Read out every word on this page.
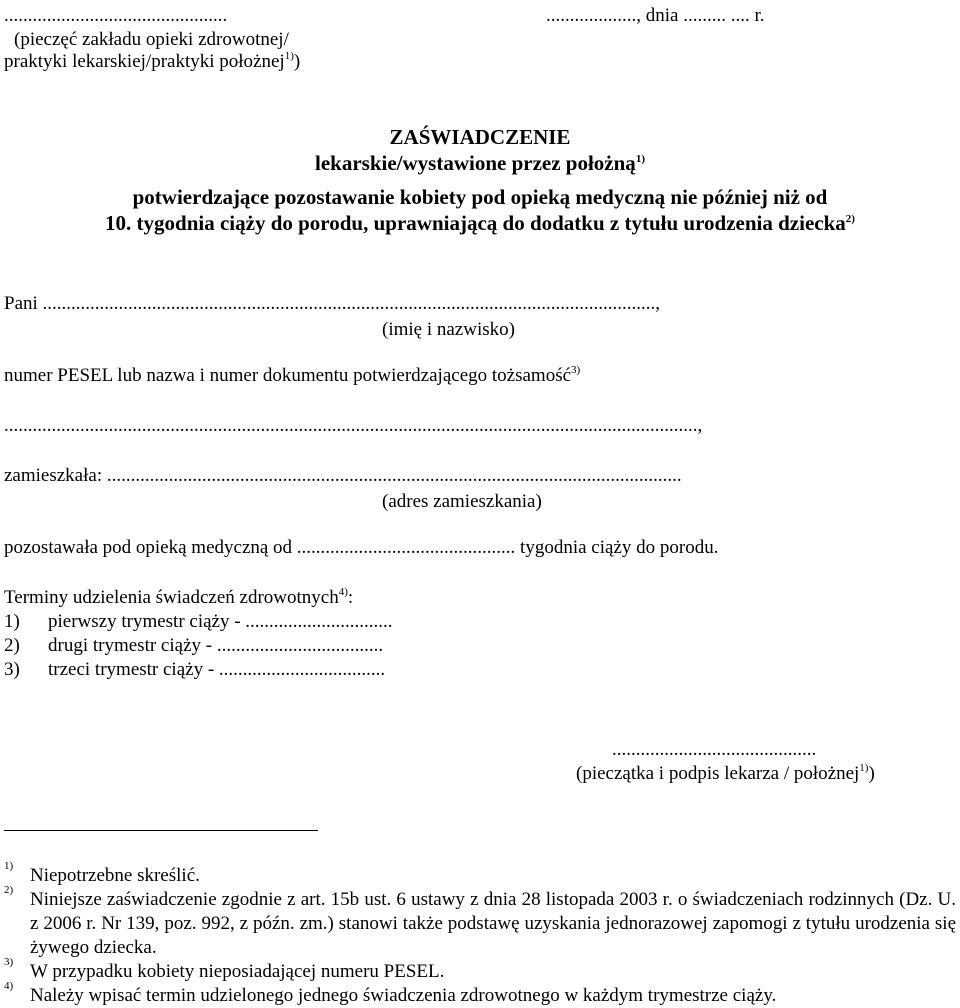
...............................................
(pieczęć zakładu opieki zdrowotnej/
praktyki lekarskiej/praktyki położnej$^{1)}$)
..................., dnia ......... .... r.
ZAŚWIADCZENIE
lekarskie/wystawione przez położną$^{1)}$
potwierdzające pozostawanie kobiety pod opieką medyczną nie później niż od
10. tygodnia ciąży do porodu, uprawniającą do dodatku z tytułu urodzenia dziecka$^{2)}$
Pani .................................................................................................................................,
(imię i nazwisko)
numer PESEL lub nazwa i numer dokumentu potwierdzającego tożsamość$^{3)}$
..................................................................................................................................................,
zamieszkała: .........................................................................................................................
(adres zamieszkania)
pozostawała pod opieką medyczną od .............................................. tygodnia ciąży do porodu.
Terminy udzielenia świadczeń zdrowotnych$^{4)}$:
1) pierwszy trymestr ciąży - ...............................
2) drugi trymestr ciąży - ...................................
3) trzeci trymestr ciąży - ...................................
...........................................
(pieczątka i podpis lekarza / położnej$^{1)}$)
1) Niepotrzebne skreślić.
2) Niniejsze zaświadczenie zgodnie z art. 15b ust. 6 ustawy z dnia 28 listopada 2003 r. o świadczeniach rodzinnych (Dz. U. z 2006 r. Nr 139, poz. 992, z późn. zm.) stanowi także podstawę uzyskania jednorazowej zapomogi z tytułu urodzenia się żywego dziecka.
3) W przypadku kobiety nieposiadającej numeru PESEL.
4) Należy wpisać termin udzielonego jednego świadczenia zdrowotnego w każdym trymestrze ciąży.
